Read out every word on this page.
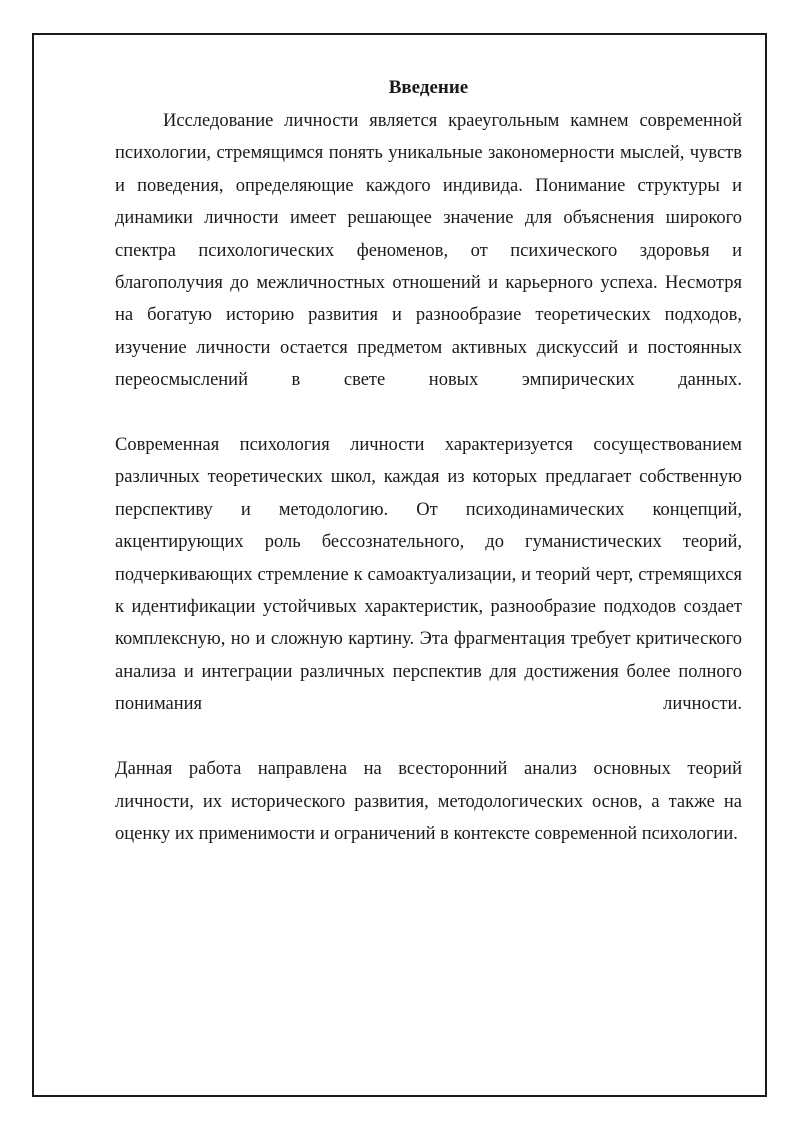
Введение

Исследование личности является краеугольным камнем современной психологии, стремящимся понять уникальные закономерности мыслей, чувств и поведения, определяющие каждого индивида. Понимание структуры и динамики личности имеет решающее значение для объяснения широкого спектра психологических феноменов, от психического здоровья и благополучия до межличностных отношений и карьерного успеха. Несмотря на богатую историю развития и разнообразие теоретических подходов, изучение личности остается предметом активных дискуссий и постоянных переосмыслений в свете новых эмпирических данных.

Современная психология личности характеризуется сосуществованием различных теоретических школ, каждая из которых предлагает собственную перспективу и методологию. От психодинамических концепций, акцентирующих роль бессознательного, до гуманистических теорий, подчеркивающих стремление к самоактуализации, и теорий черт, стремящихся к идентификации устойчивых характеристик, разнообразие подходов создает комплексную, но и сложную картину. Эта фрагментация требует критического анализа и интеграции различных перспектив для достижения более полного понимания личности.

Данная работа направлена на всесторонний анализ основных теорий личности, их исторического развития, методологических основ, а также на оценку их применимости и ограничений в контексте современной психологии.
